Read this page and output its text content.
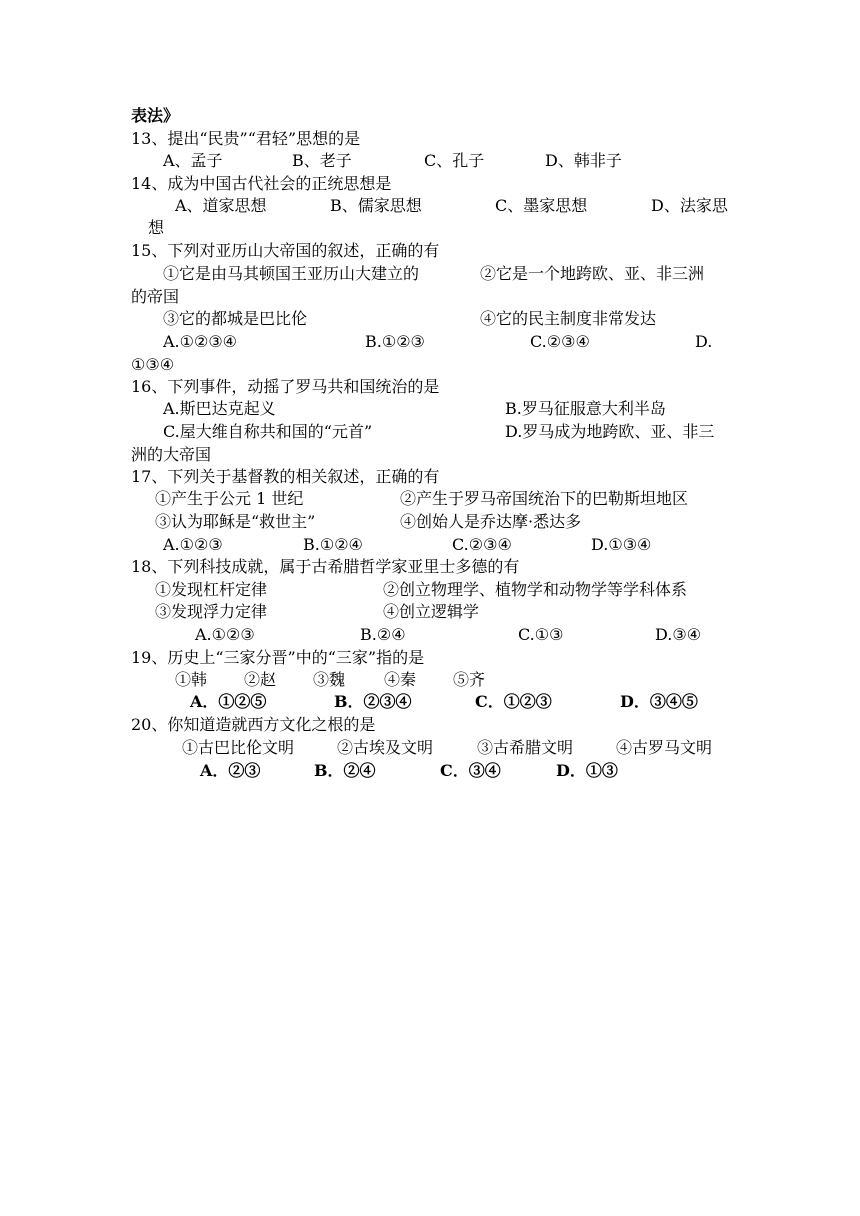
表法》
13、提出“民贵”“君轻”思想的是
A、孟子	B、老子	C、孔子	D、韩非子
14、成为中国古代社会的正统思想是
A、道家思想	B、儒家思想	C、墨家思想	D、法家思
想
15、下列对亚历山大帝国的叙述，正确的有
①它是由马其顿国王亚历山大建立的	②它是一个地跨欧、亚、非三洲
的帝国
③它的都城是巴比伦	④它的民主制度非常发达
A.①②③④	B.①②③	C.②③④	D.
①③④
16、下列事件，动摇了罗马共和国统治的是
A.斯巴达克起义	B.罗马征服意大利半岛
C.屋大维自称共和国的“元首”	D.罗马成为地跨欧、亚、非三
洲的大帝国
17、下列关于基督教的相关叙述，正确的有
①产生于公元 1 世纪	②产生于罗马帝国统治下的巴勒斯坦地区
③认为耶稣是“救世主”	④创始人是乔达摩·悉达多
A.①②③	B.①②④	C.②③④	D.①③④
18、下列科技成就，属于古希腊哲学家亚里士多德的有
①发现杠杆定律	②创立物理学、植物学和动物学等学科体系
③发现浮力定律	④创立逻辑学
A.①②③	B.②④	C.①③	D.③④
19、历史上“三家分晋”中的“三家”指的是
①韩 ②赵 ③魏 ④秦 ⑤齐
A．①②⑤	B．②③④	C．①②③	D．③④⑤
20、你知道造就西方文化之根的是
①古巴比伦文明	②古埃及文明	③古希腊文明	④古罗马文明
A．②③	B．②④	C．③④	D．①③
